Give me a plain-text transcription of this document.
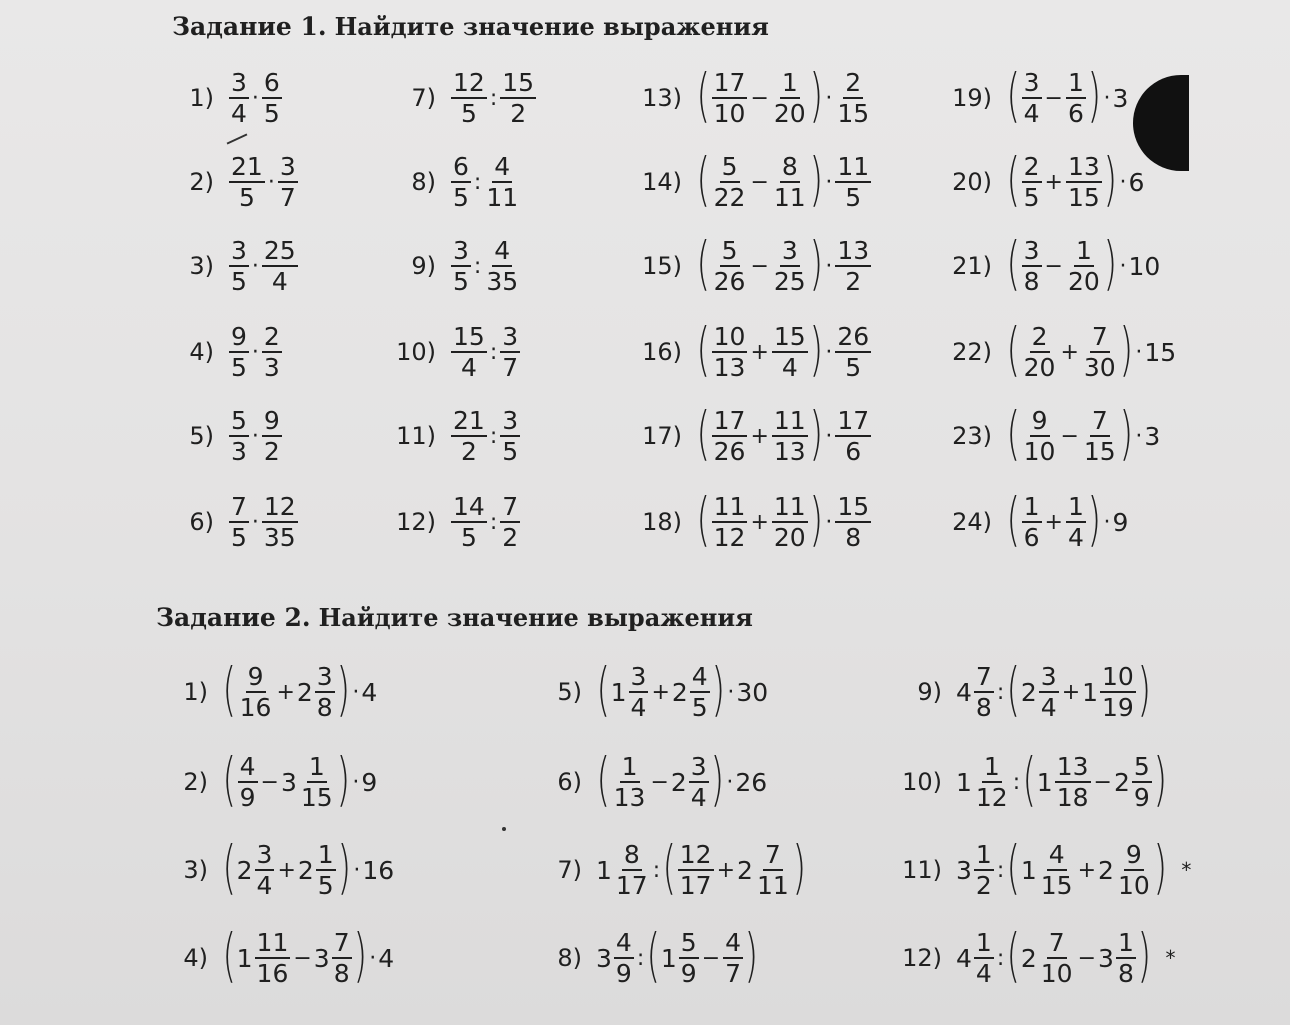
Задание 1. Найдите значение выражения
$1) \frac{3}{4} \cdot \frac{6}{5}$
$2) \frac{21}{5} \cdot \frac{3}{7}$
$3) \frac{3}{5} \cdot \frac{25}{4}$
$4) \frac{9}{5} \cdot \frac{2}{3}$
$5) \frac{5}{3} \cdot \frac{9}{2}$
$6) \frac{7}{5} \cdot \frac{12}{35}$
$7) \frac{12}{5}$ : $\frac{15}{2}$
$8) \frac{6}{5}$ : $\frac{4}{11}$
$9) \frac{3}{5}$ : $\frac{4}{35}$
$10) \frac{15}{4}$ : $\frac{3}{7}$
$11) \frac{21}{2}$ : $\frac{3}{5}$
$12) \frac{14}{5}$ : $\frac{7}{2}$
13) ( $\frac{17}{10} - \frac{1}{20}$ ) · $\frac{2}{15}$
14) ( $\frac{5}{22} - \frac{8}{11}$ ) · $\frac{11}{5}$
15) ( $\frac{5}{26} - \frac{3}{25}$ ) · $\frac{13}{2}$
16) ( $\frac{10}{13} + \frac{15}{4}$ ) · $\frac{26}{5}$
17) ( $\frac{17}{26} + \frac{11}{13}$ ) · $\frac{17}{6}$
18) ( $\frac{11}{12} + \frac{11}{20}$ ) · $\frac{15}{8}$
19) ( $\frac{3}{4} - \frac{1}{6}$ ) · 3
20) ( $\frac{2}{5} + \frac{13}{15}$ ) · 6
21) ( $\frac{3}{8} - \frac{1}{20}$ ) · 10
22) ( $\frac{2}{20} + \frac{7}{30}$ ) · 15
23) ( $\frac{9}{10} - \frac{7}{15}$ ) · 3
24) ( $\frac{1}{6} + \frac{1}{4}$ ) · 9
Задание 2. Найдите значение выражения
1) ( $\frac{9}{16} + 2 \frac{3}{8}$ ) · 4
2) ( $\frac{4}{9} - 3 \frac{1}{15}$ ) · 9
3) ( $2 \frac{3}{4} + 2 \frac{1}{5}$ ) · 16
4) ( $1 \frac{11}{16} - 3 \frac{7}{8}$ ) · 4
5) ( $1 \frac{3}{4} + 2 \frac{4}{5}$ ) · 30
6) ( $\frac{1}{13} - 2 \frac{3}{4}$ ) · 26
7) $1 \frac{8}{17}$ : ( $\frac{12}{17} + 2 \frac{7}{11}$ )
8) $3 \frac{4}{9}$ : ( $1 \frac{5}{9} - \frac{4}{7}$ )
9) $4 \frac{7}{8}$ : ( $2 \frac{3}{4} + 1 \frac{10}{19}$ )
10) $1 \frac{1}{12}$ : ( $1 \frac{13}{18} - 2 \frac{5}{9}$ )
11) $3 \frac{1}{2}$ : ( $1 \frac{4}{15} + 2 \frac{9}{10}$ ) *
12) $4 \frac{1}{4}$ : ( $2 \frac{7}{10} - 3 \frac{1}{8}$ ) *
